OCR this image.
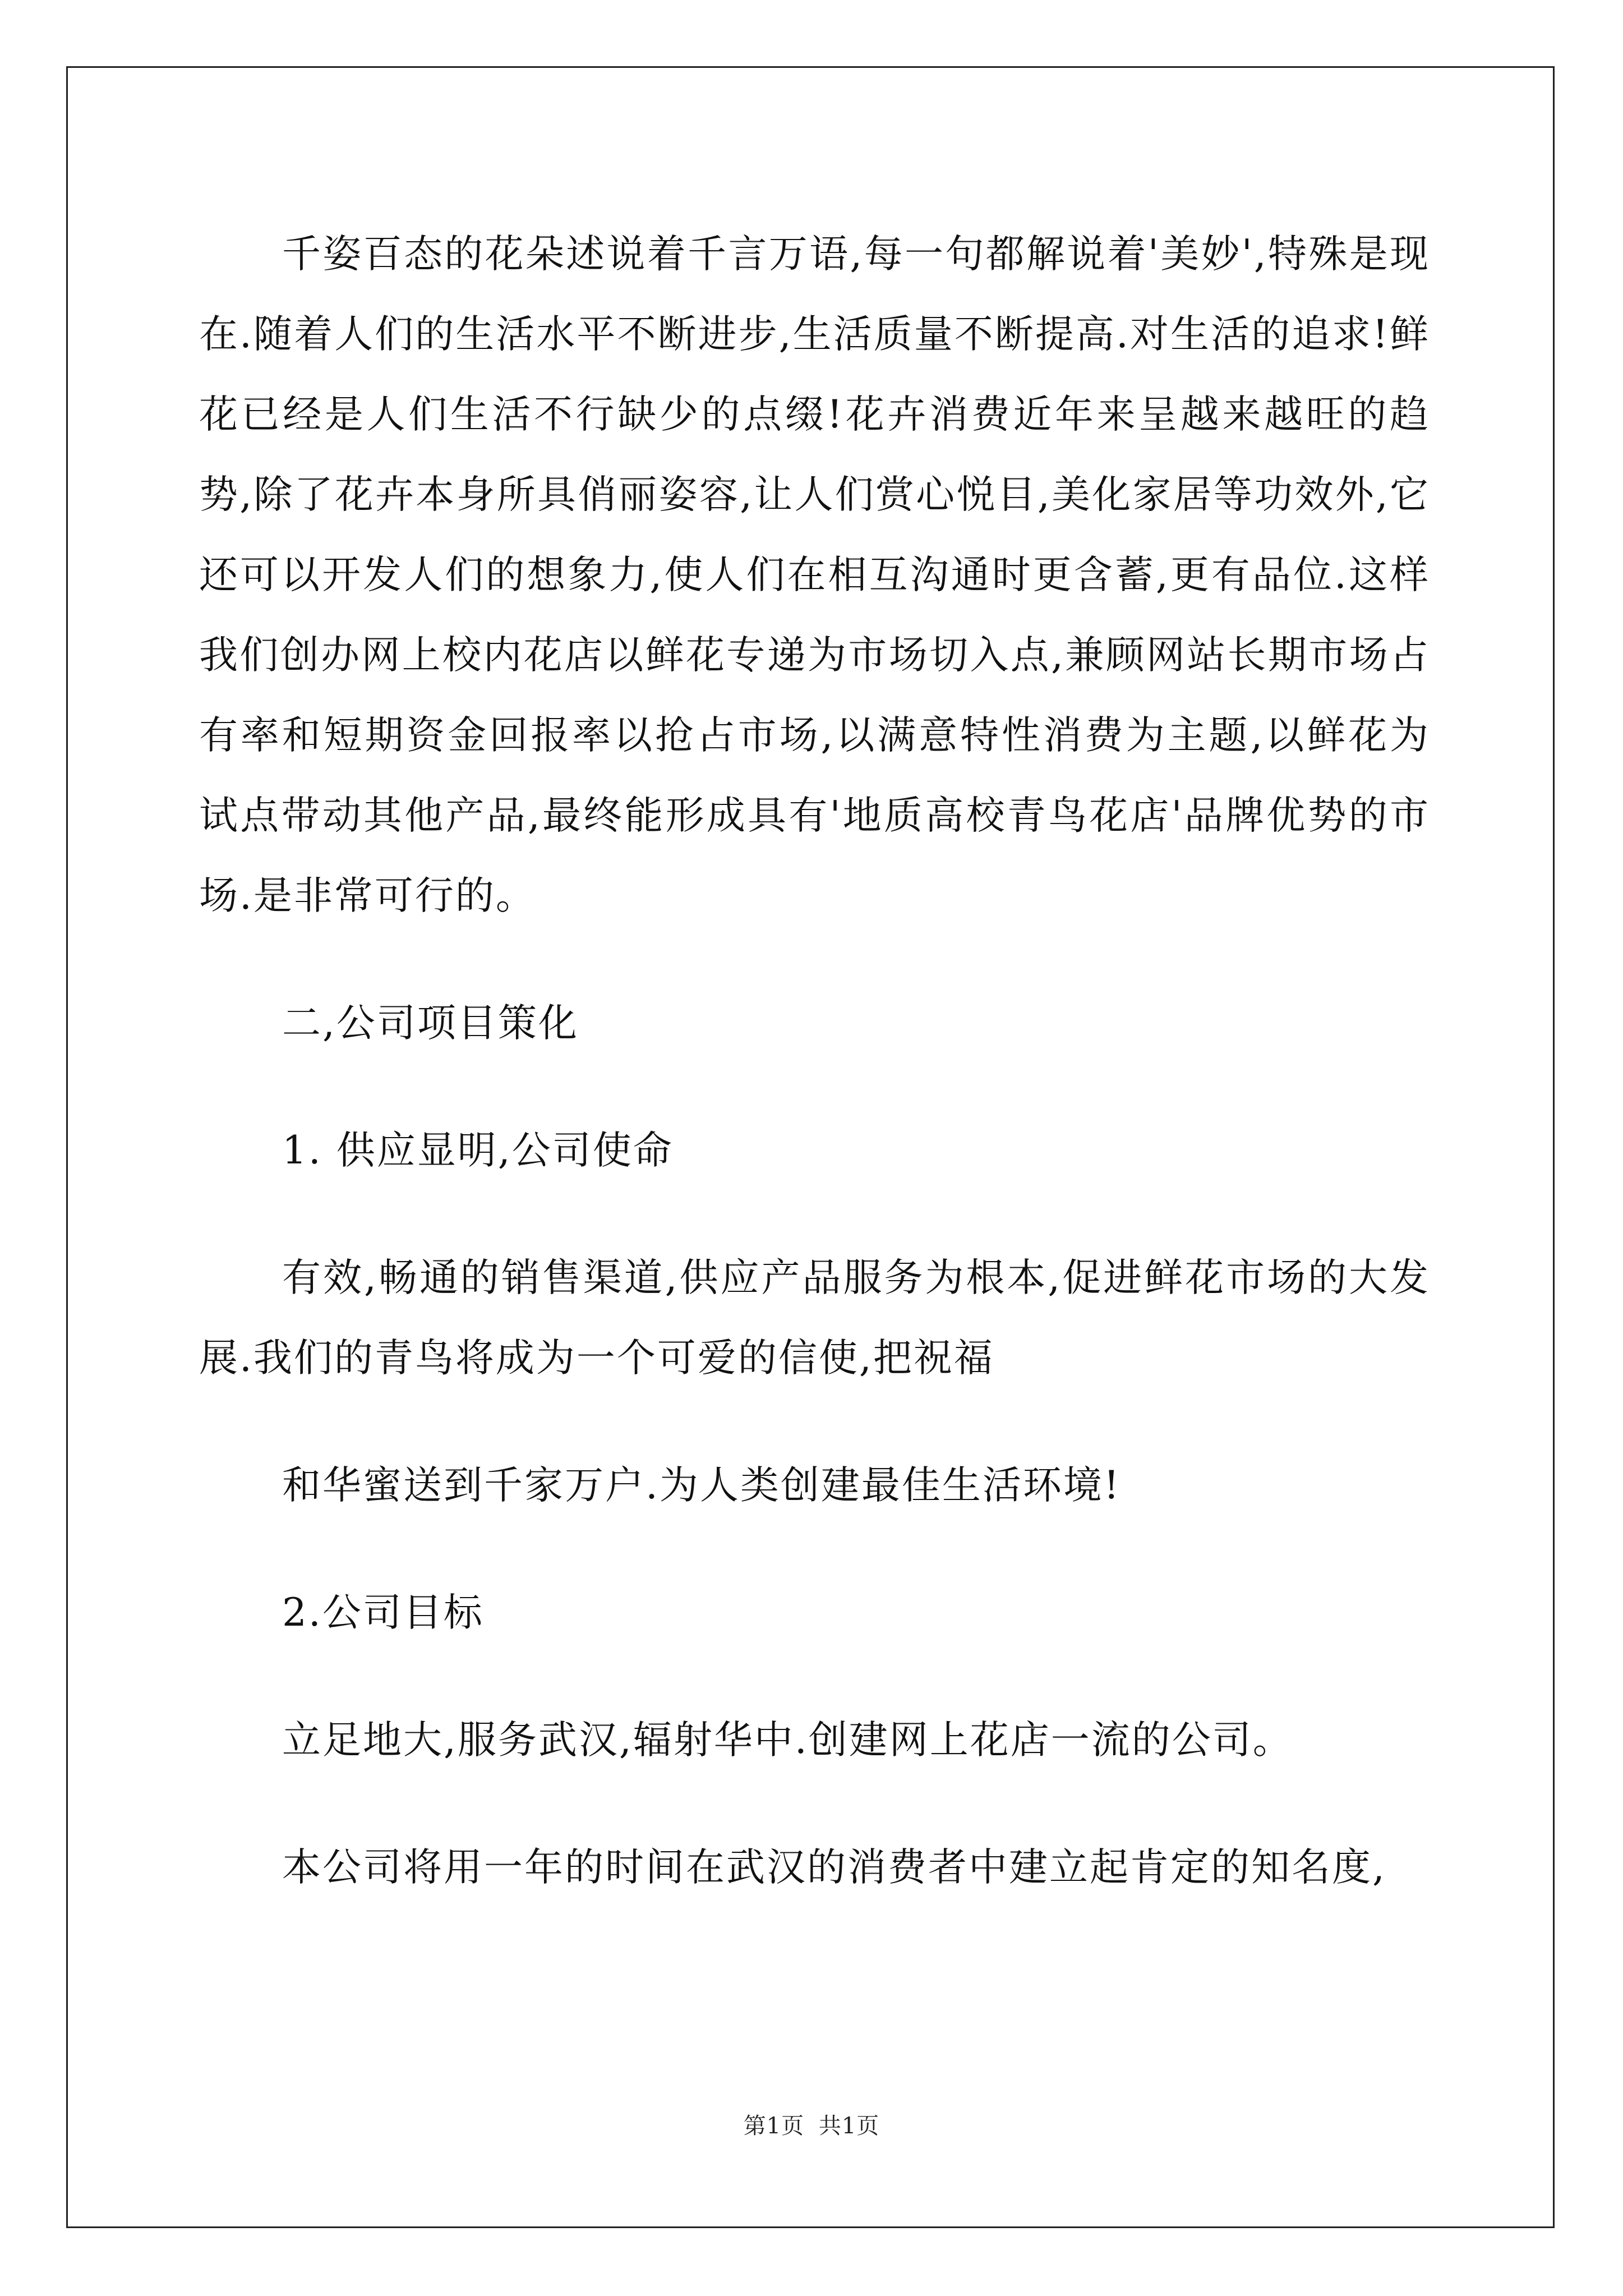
千姿百态的花朵述说着千言万语,每一句都解说着'美妙',特殊是现在.随着人们的生活水平不断进步,生活质量不断提高.对生活的追求!鲜花已经是人们生活不行缺少的点缀!花卉消费近年来呈越来越旺的趋势,除了花卉本身所具俏丽姿容,让人们赏心悦目,美化家居等功效外,它还可以开发人们的想象力,使人们在相互沟通时更含蓄,更有品位.这样我们创办网上校内花店以鲜花专递为市场切入点,兼顾网站长期市场占有率和短期资金回报率以抢占市场,以满意特性消费为主题,以鲜花为试点带动其他产品,最终能形成具有'地质高校青鸟花店'品牌优势的市场.是非常可行的。

二,公司项目策化

1. 供应显明,公司使命

有效,畅通的销售渠道,供应产品服务为根本,促进鲜花市场的大发展.我们的青鸟将成为一个可爱的信使,把祝福

和华蜜送到千家万户.为人类创建最佳生活环境!

2.公司目标

立足地大,服务武汉,辐射华中.创建网上花店一流的公司。

本公司将用一年的时间在武汉的消费者中建立起肯定的知名度,

第1页 共1页
